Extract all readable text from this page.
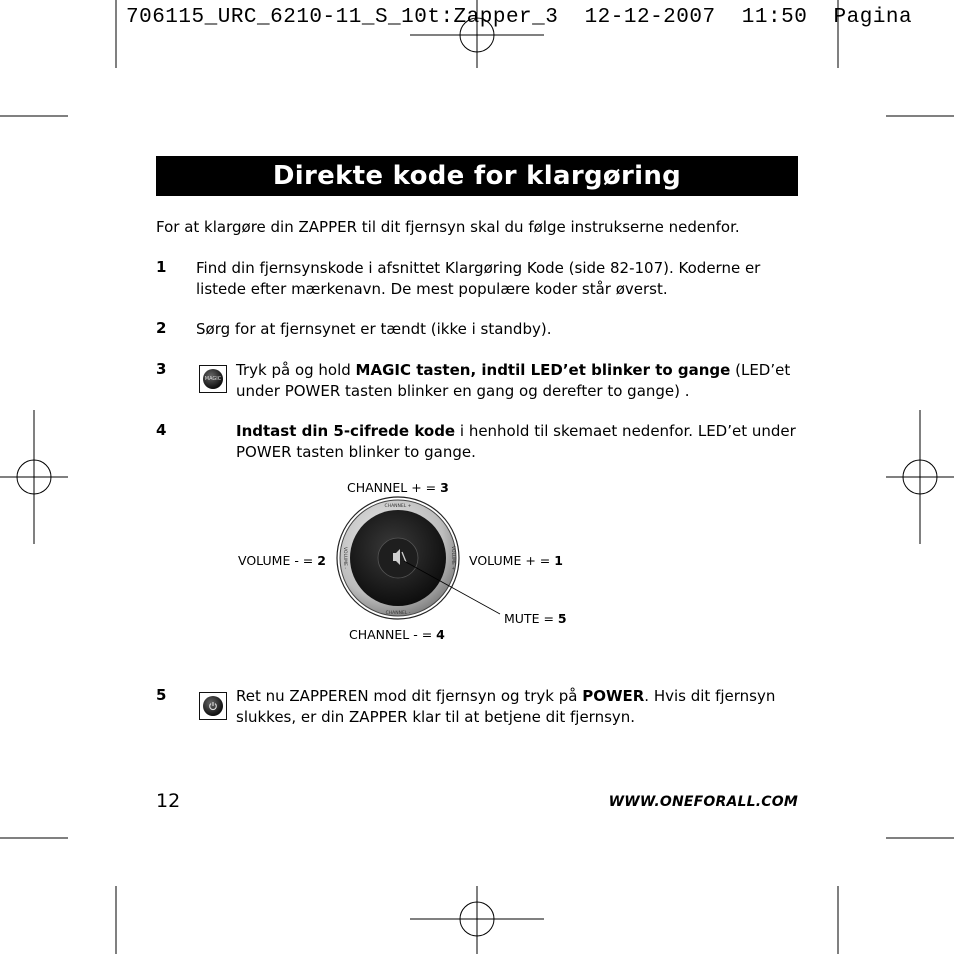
706115_URC_6210-11_S_10t:Zapper_3  12-12-2007  11:50  Pagina
Direkte kode for klargøring
For at klargøre din ZAPPER til dit fjernsyn skal du følge instrukserne nedenfor.
1 Find din fjernsynskode i afsnittet Klargøring Kode (side 82-107). Koderne er listede efter mærkenavn. De mest populære koder står øverst.
2 Sørg for at fjernsynet er tændt (ikke i standby).
3
MAGIC Tryk på og hold MAGIC tasten, indtil LED’et blinker to gange (LED’et under POWER tasten blinker en gang og derefter to gange) .
4	Indtast din 5-cifrede kode i henhold til skemaet nedenfor. LED’et under POWER tasten blinker to gange.
CHANNEL +
CHANNEL -
VOLUME -	VOLUME +
CHANNEL + = 3
VOLUME - = 2	VOLUME + = 1
MUTE = 5
CHANNEL - = 4
5	Ret nu ZAPPEREN mod dit fjernsyn og tryk på POWER. Hvis dit fjernsyn slukkes, er din ZAPPER klar til at betjene dit fjernsyn.
12	WWW.ONEFORALL.COM
